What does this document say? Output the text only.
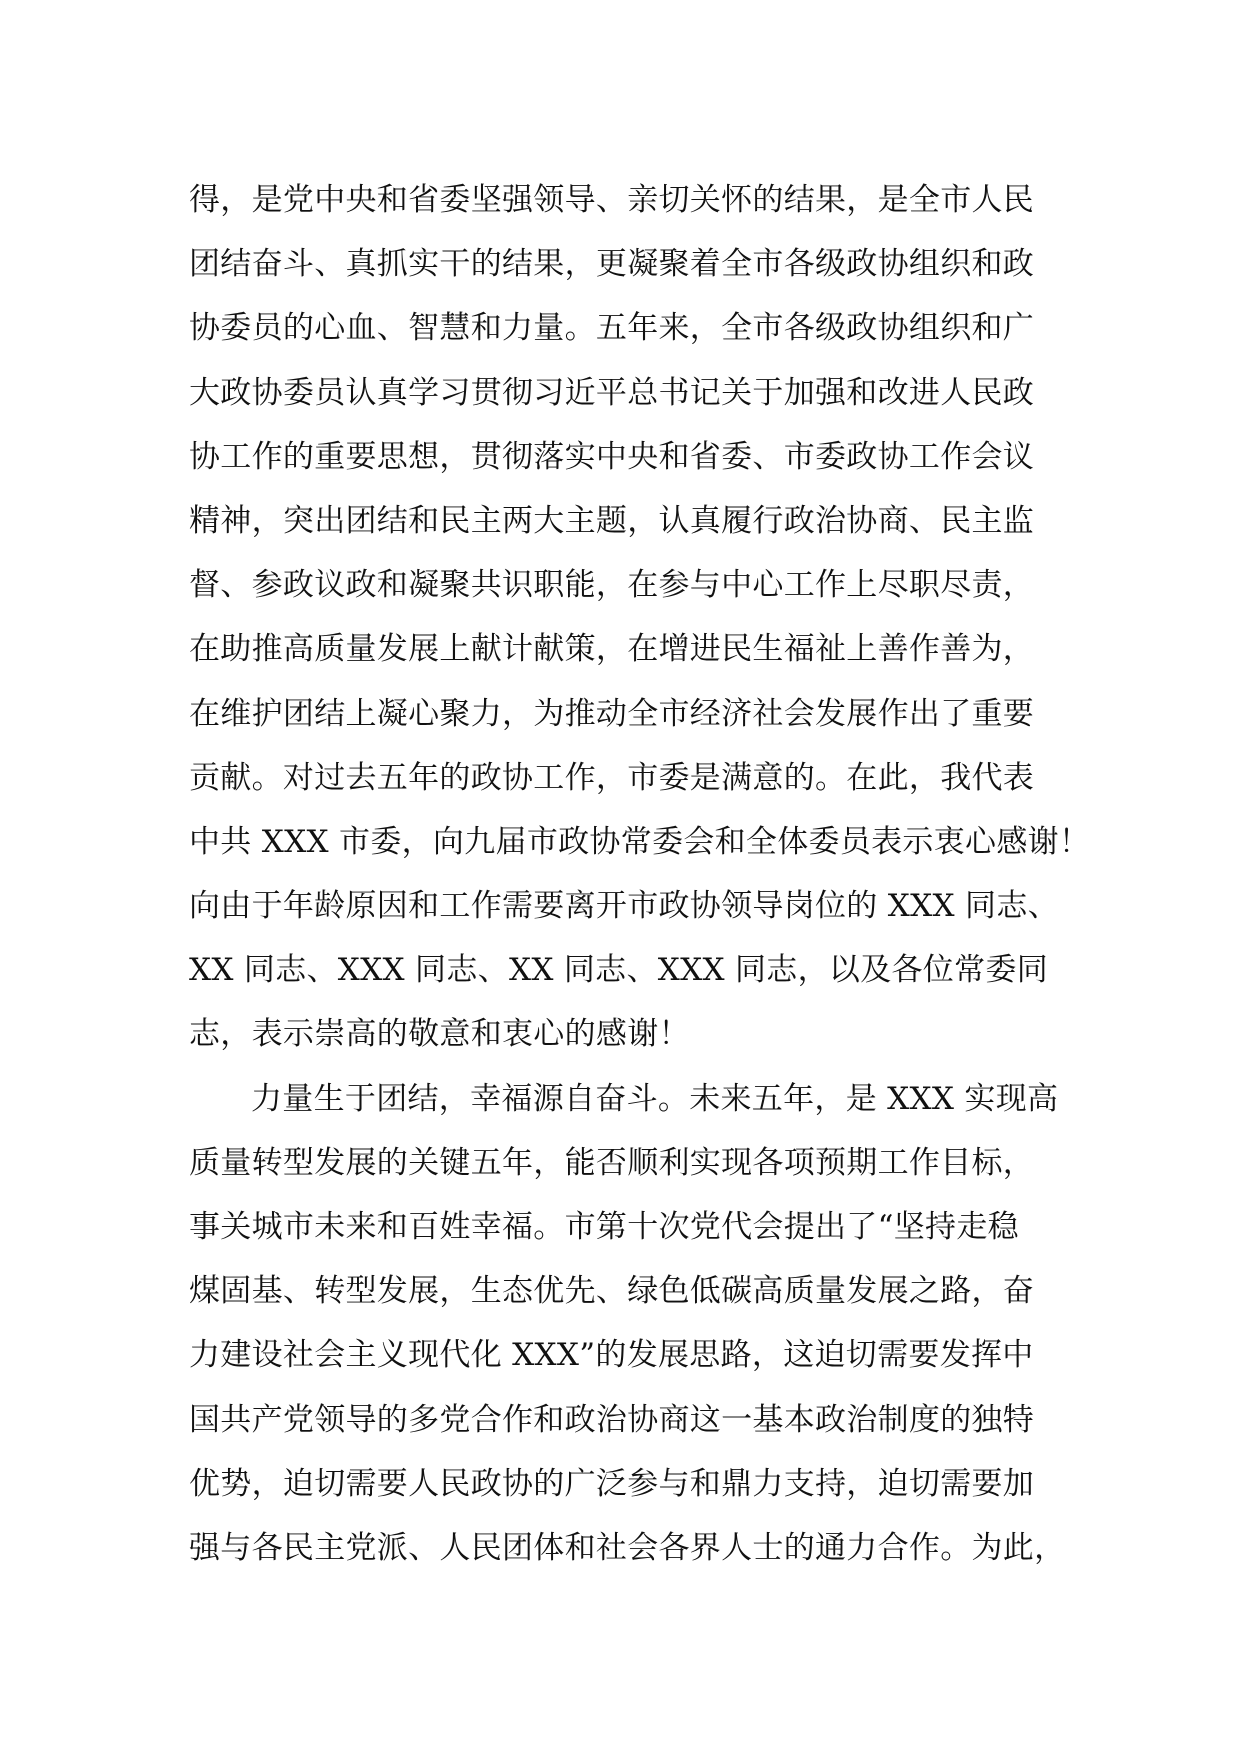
得，是党中央和省委坚强领导、亲切关怀的结果，是全市人民
团结奋斗、真抓实干的结果，更凝聚着全市各级政协组织和政
协委员的心血、智慧和力量。五年来，全市各级政协组织和广
大政协委员认真学习贯彻习近平总书记关于加强和改进人民政
协工作的重要思想，贯彻落实中央和省委、市委政协工作会议
精神，突出团结和民主两大主题，认真履行政治协商、民主监
督、参政议政和凝聚共识职能，在参与中心工作上尽职尽责，
在助推高质量发展上献计献策，在增进民生福祉上善作善为，
在维护团结上凝心聚力，为推动全市经济社会发展作出了重要
贡献。对过去五年的政协工作，市委是满意的。在此，我代表
中共 XXX 市委，向九届市政协常委会和全体委员表示衷心感谢！
向由于年龄原因和工作需要离开市政协领导岗位的 XXX 同志、
XX 同志、XXX 同志、XX 同志、XXX 同志，以及各位常委同
志，表示崇高的敬意和衷心的感谢！
力量生于团结，幸福源自奋斗。未来五年，是 XXX 实现高
质量转型发展的关键五年，能否顺利实现各项预期工作目标，
事关城市未来和百姓幸福。市第十次党代会提出了“坚持走稳
煤固基、转型发展，生态优先、绿色低碳高质量发展之路，奋
力建设社会主义现代化 XXX”的发展思路，这迫切需要发挥中
国共产党领导的多党合作和政治协商这一基本政治制度的独特
优势，迫切需要人民政协的广泛参与和鼎力支持，迫切需要加
强与各民主党派、人民团体和社会各界人士的通力合作。为此，
